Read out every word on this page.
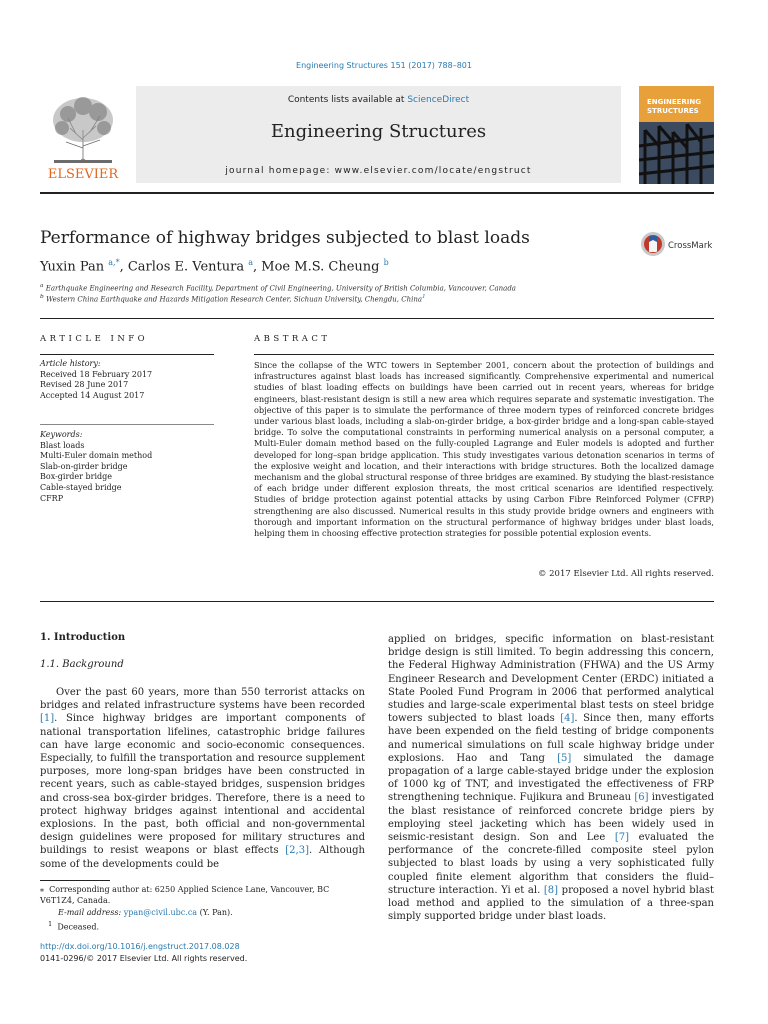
Engineering Structures 151 (2017) 788–801
ELSEVIER
Contents lists available at ScienceDirect
Engineering Structures
journal homepage: www.elsevier.com/locate/engstruct
ENGINEERING
STRUCTURES
Performance of highway bridges subjected to blast loads	CrossMark
Yuxin Pan $^{a,*}$, Carlos E. Ventura $^a$, Moe M.S. Cheung $^b$
$^a$ Earthquake Engineering and Research Facility, Department of Civil Engineering, University of British Columbia, Vancouver, Canada
$^b$ Western China Earthquake and Hazards Mitigation Research Center, Sichuan University, Chengdu, China$^1$
ARTICLE INFO
Article history:
Received 18 February 2017
Revised 28 June 2017
Accepted 14 August 2017
Keywords:
Blast loads
Multi-Euler domain method
Slab-on-girder bridge
Box-girder bridge
Cable-stayed bridge
CFRP
ABSTRACT
Since the collapse of the WTC towers in September 2001, concern about the protection of buildings and infrastructures against blast loads has increased significantly. Comprehensive experimental and numerical studies of blast loading effects on buildings have been carried out in recent years, whereas for bridge engineers, blast-resistant design is still a new area which requires separate and systematic investigation. The objective of this paper is to simulate the performance of three modern types of reinforced concrete bridges under various blast loads, including a slab-on-girder bridge, a box-girder bridge and a long-span cable-stayed bridge. To solve the computational constraints in performing numerical analysis on a personal computer, a Multi-Euler domain method based on the fully-coupled Lagrange and Euler models is adopted and further developed for long–span bridge application. This study investigates various detonation scenarios in terms of the explosive weight and location, and their interactions with bridge structures. Both the localized damage mechanism and the global structural response of three bridges are examined. By studying the blast-resistance of each bridge under different explosion threats, the most critical scenarios are identified respectively. Studies of bridge protection against potential attacks by using Carbon Fibre Reinforced Polymer (CFRP) strengthening are also discussed. Numerical results in this study provide bridge owners and engineers with thorough and important information on the structural performance of highway bridges under blast loads, helping them in choosing effective protection strategies for possible potential explosion events.
© 2017 Elsevier Ltd. All rights reserved.
1. Introduction
1.1. Background
Over the past 60 years, more than 550 terrorist attacks on bridges and related infrastructure systems have been recorded [1]. Since highway bridges are important components of national transportation lifelines, catastrophic bridge failures can have large economic and socio-economic consequences. Especially, to fulfill the transportation and resource supplement purposes, more long-span bridges have been constructed in recent years, such as cable-stayed bridges, suspension bridges and cross-sea box-girder bridges. Therefore, there is a need to protect highway bridges against intentional and accidental explosions. In the past, both official and non-governmental design guidelines were proposed for military structures and buildings to resist weapons or blast effects [2,3]. Although some of the developments could be
applied on bridges, specific information on blast-resistant bridge design is still limited. To begin addressing this concern, the Federal Highway Administration (FHWA) and the US Army Engineer Research and Development Center (ERDC) initiated a State Pooled Fund Program in 2006 that performed analytical studies and large-scale experimental blast tests on steel bridge towers subjected to blast loads [4]. Since then, many efforts have been expended on the field testing of bridge components and numerical simulations on full scale highway bridge under explosions. Hao and Tang [5] simulated the damage propagation of a large cable-stayed bridge under the explosion of 1000 kg of TNT, and investigated the effectiveness of FRP strengthening technique. Fujikura and Bruneau [6] investigated the blast resistance of reinforced concrete bridge piers by employing steel jacketing which has been widely used in seismic-resistant design. Son and Lee [7] evaluated the performance of the concrete-filled composite steel pylon subjected to blast loads by using a very sophisticated fully coupled finite element algorithm that considers the fluid–structure interaction. Yi et al. [8] proposed a novel hybrid blast load method and applied to the simulation of a three-span simply supported bridge under blast loads.
⁎ Corresponding author at: 6250 Applied Science Lane, Vancouver, BC V6T1Z4, Canada.
E-mail address: ypan@civil.ubc.ca (Y. Pan).
$^1$ Deceased.
http://dx.doi.org/10.1016/j.engstruct.2017.08.028
0141-0296/© 2017 Elsevier Ltd. All rights reserved.
